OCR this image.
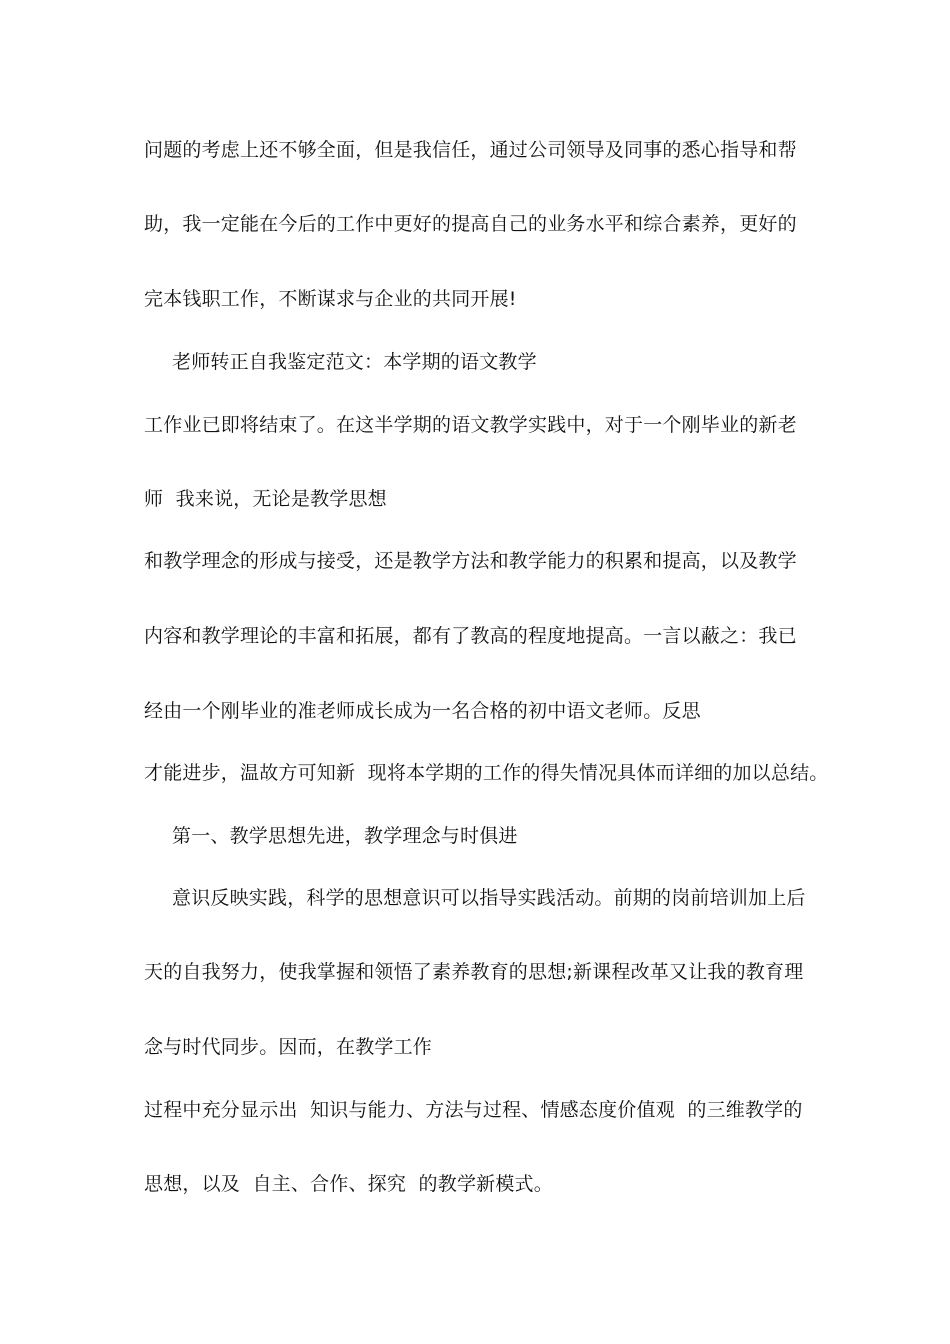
问题的考虑上还不够全面，但是我信任，通过公司领导及同事的悉心指导和帮
助，我一定能在今后的工作中更好的提高自己的业务水平和综合素养，更好的
完本钱职工作，不断谋求与企业的共同开展!
老师转正自我鉴定范文：本学期的语文教学
工作业已即将结束了。在这半学期的语文教学实践中，对于一个刚毕业的新老
师  我来说，无论是教学思想
和教学理念的形成与接受，还是教学方法和教学能力的积累和提高，以及教学
内容和教学理论的丰富和拓展，都有了教高的程度地提高。一言以蔽之：我已
经由一个刚毕业的准老师成长成为一名合格的初中语文老师。反思
才能进步，温故方可知新  现将本学期的工作的得失情况具体而详细的加以总结。
第一、教学思想先进，教学理念与时俱进
意识反映实践，科学的思想意识可以指导实践活动。前期的岗前培训加上后
天的自我努力，使我掌握和领悟了素养教育的思想;新课程改革又让我的教育理
念与时代同步。因而，在教学工作
过程中充分显示出  知识与能力、方法与过程、情感态度价值观  的三维教学的
思想，以及  自主、合作、探究  的教学新模式。
